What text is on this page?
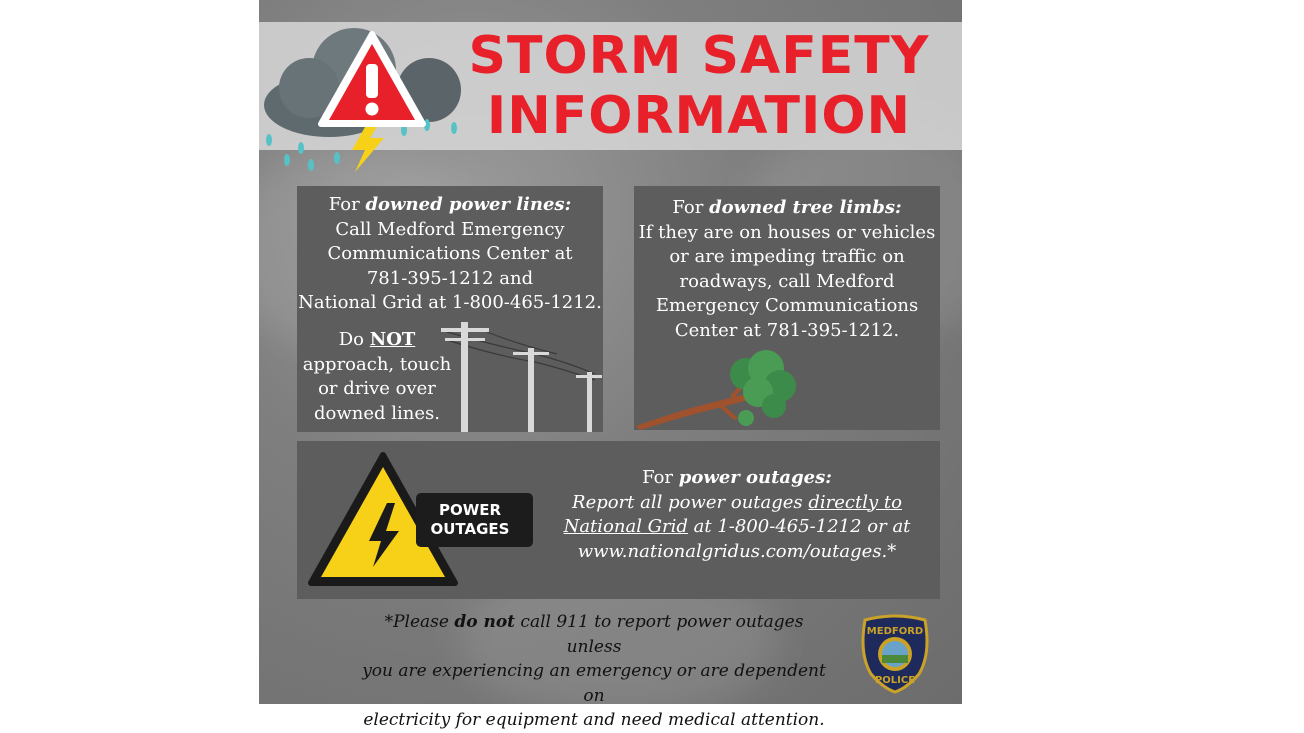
STORM SAFETY
INFORMATION
For downed power lines:
Call Medford Emergency
Communications Center at
781-395-1212 and
National Grid at 1-800-465-1212.
Do NOT
approach, touch
or drive over
downed lines.
For downed tree limbs:
If they are on houses or vehicles
or are impeding traffic on
roadways, call Medford
Emergency Communications
Center at 781-395-1212.
POWER
OUTAGES
For power outages:
Report all power outages directly to
National Grid at 1-800-465-1212 or at
www.nationalgridus.com/outages.*
*Please do not call 911 to report power outages unless
you are experiencing an emergency or are dependent on
electricity for equipment and need medical attention.
MEDFORD
POLICE
